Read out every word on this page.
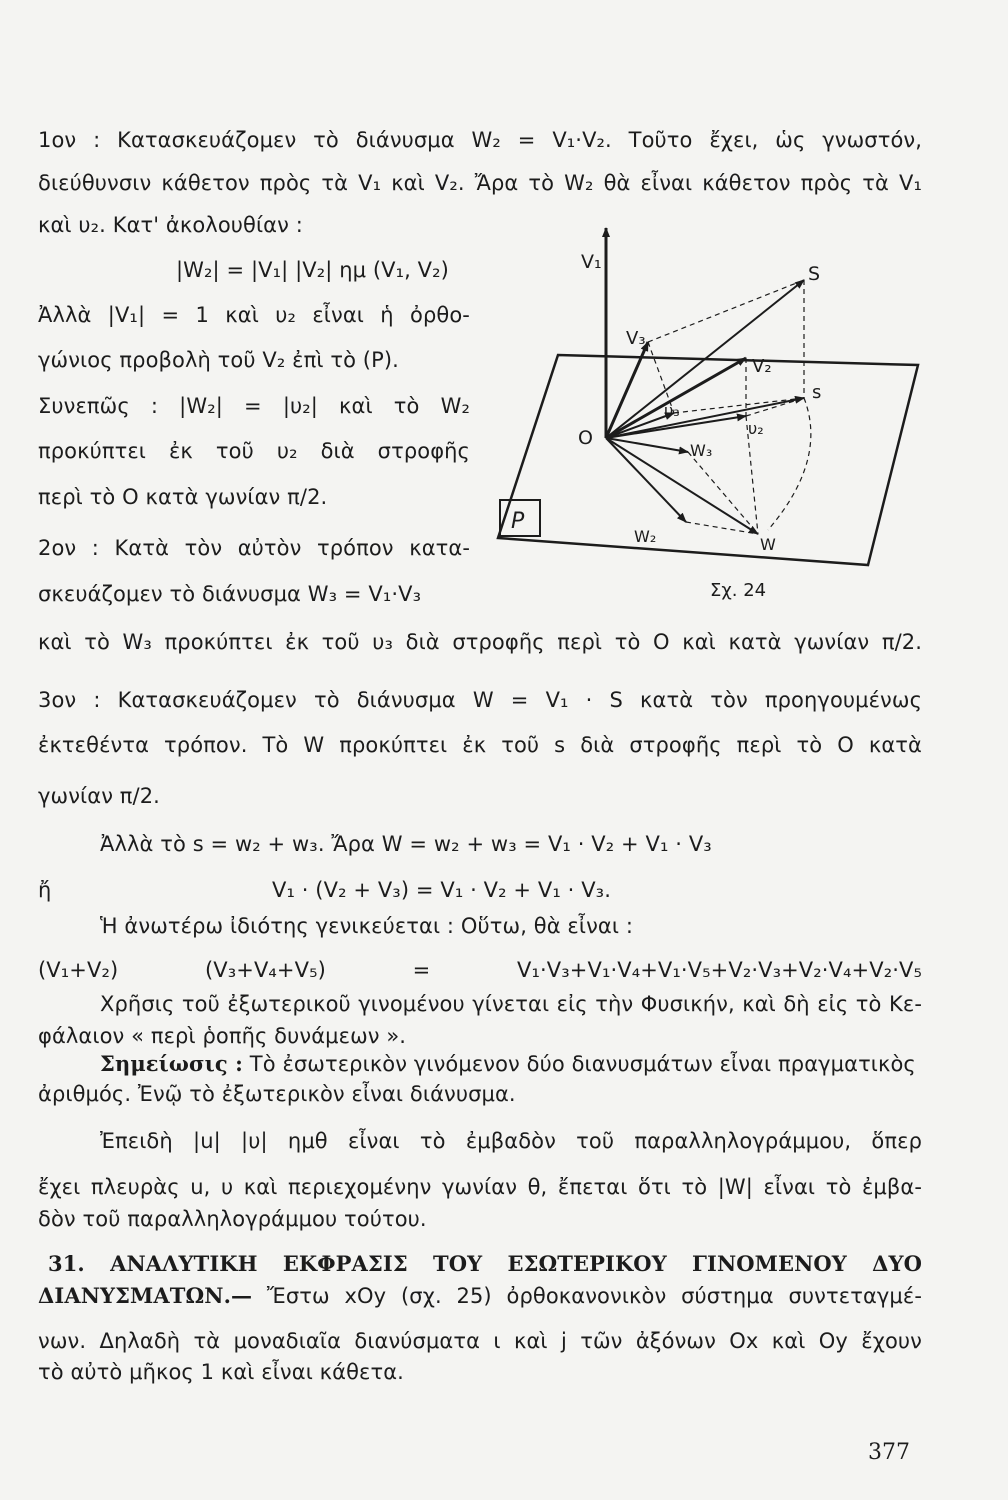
1ον : Κατασκευάζομεν τὸ διάνυσμα W₂ = V₁·V₂. Τοῦτο ἔχει, ὡς γνωστόν,
διεύθυνσιν κάθετον πρὸς τὰ V₁ καὶ V₂. Ἄρα τὸ W₂ θὰ εἶναι κάθετον πρὸς τὰ V₁
καὶ υ₂. Κατ' ἀκολουθίαν :
|W₂| = |V₁| |V₂| ημ (V₁, V₂)
Ἀλλὰ |V₁| = 1 καὶ υ₂ εἶναι ἡ ὀρθο-
γώνιος προβολὴ τοῦ V₂ ἐπὶ τὸ (P).
Συνεπῶς : |W₂| = |υ₂| καὶ τὸ W₂
προκύπτει ἐκ τοῦ υ₂ διὰ στροφῆς
περὶ τὸ O κατὰ γωνίαν π/2.
2ον : Κατὰ τὸν αὐτὸν τρόπον κατα-
σκευάζομεν τὸ διάνυσμα W₃ = V₁·V₃
καὶ τὸ W₃ προκύπτει ἐκ τοῦ υ₃ διὰ στροφῆς περὶ τὸ O καὶ κατὰ γωνίαν π/2.
3ον : Κατασκευάζομεν τὸ διάνυσμα W = V₁ · S κατὰ τὸν προηγουμένως
ἐκτεθέντα τρόπον. Τὸ W προκύπτει ἐκ τοῦ s διὰ στροφῆς περὶ τὸ O κατὰ
γωνίαν π/2.
Ἀλλὰ τὸ s = w₂ + w₃. Ἄρα W = w₂ + w₃ = V₁ · V₂ + V₁ · V₃
ἤ	V₁ · (V₂ + V₃) = V₁ · V₂ + V₁ · V₃.
Ἡ ἀνωτέρω ἰδιότης γενικεύεται : Οὕτω, θὰ εἶναι :
(V₁+V₂) (V₃+V₄+V₅) = V₁·V₃+V₁·V₄+V₁·V₅+V₂·V₃+V₂·V₄+V₂·V₅
Χρῆσις τοῦ ἐξωτερικοῦ γινομένου γίνεται εἰς τὴν Φυσικήν, καὶ δὴ εἰς τὸ Κε-
φάλαιον « περὶ ῥοπῆς δυνάμεων ».
Σημείωσις : Τὸ ἐσωτερικὸν γινόμενον δύο διανυσμάτων εἶναι πραγματικὸς
ἀριθμός. Ἐνῷ τὸ ἐξωτερικὸν εἶναι διάνυσμα.
Ἐπειδὴ |u| |υ| ημθ εἶναι τὸ ἐμβαδὸν τοῦ παραλληλογράμμου, ὅπερ
ἔχει πλευρὰς u, υ καὶ περιεχομένην γωνίαν θ, ἔπεται ὅτι τὸ |W| εἶναι τὸ ἐμβα-
δὸν τοῦ παραλληλογράμμου τούτου.
31. ΑΝΑΛΥΤΙΚΗ ΕΚΦΡΑΣΙΣ ΤΟΥ ΕΣΩΤΕΡΙΚΟΥ ΓΙΝΟΜΕΝΟΥ ΔΥΟ
ΔΙΑΝΥΣΜΑΤΩΝ.— Ἔστω xOy (σχ. 25) ὀρθοκανονικὸν σύστημα συντεταγμέ-
νων. Δηλαδὴ τὰ μοναδιαῖα διανύσματα ι καὶ j τῶν ἀξόνων Ox καὶ Oy ἔχουν
τὸ αὐτὸ μῆκος 1 καὶ εἶναι κάθετα.
P
V₁
S
V₃
V₂
s
υ₃
υ₂
O
W₃
W₂	W
Σχ. 24
377
